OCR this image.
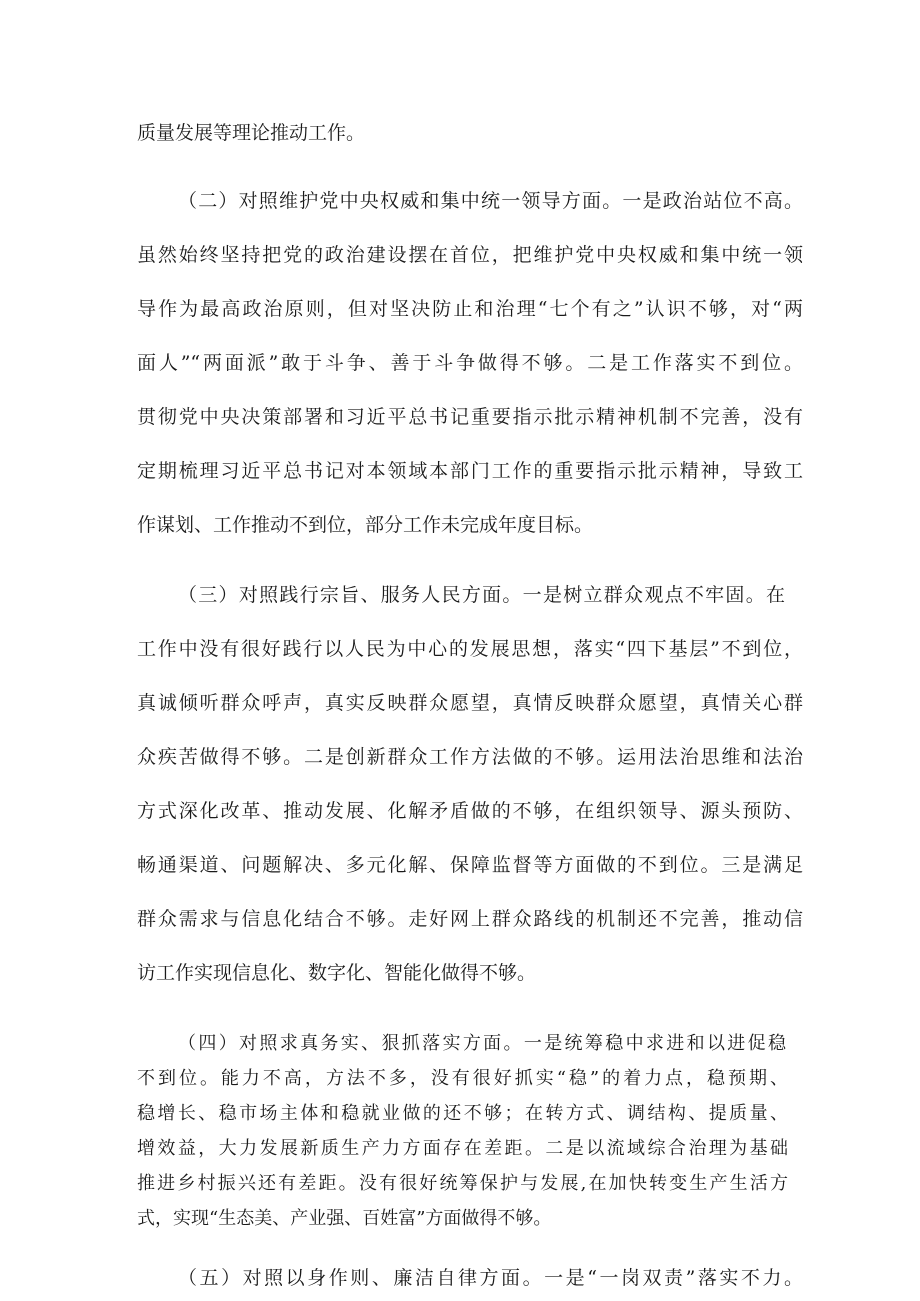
质量发展等理论推动工作。
（二）对照维护党中央权威和集中统一领导方面。一是政治站位不高。
虽然始终坚持把党的政治建设摆在首位，把维护党中央权威和集中统一领
导作为最高政治原则，但对坚决防止和治理“七个有之”认识不够，对“两
面人”“两面派”敢于斗争、善于斗争做得不够。二是工作落实不到位。
贯彻党中央决策部署和习近平总书记重要指示批示精神机制不完善，没有
定期梳理习近平总书记对本领域本部门工作的重要指示批示精神，导致工
作谋划、工作推动不到位，部分工作未完成年度目标。
（三）对照践行宗旨、服务人民方面。一是树立群众观点不牢固。在
工作中没有很好践行以人民为中心的发展思想，落实“四下基层”不到位，
真诚倾听群众呼声，真实反映群众愿望，真情反映群众愿望，真情关心群
众疾苦做得不够。二是创新群众工作方法做的不够。运用法治思维和法治
方式深化改革、推动发展、化解矛盾做的不够，在组织领导、源头预防、
畅通渠道、问题解决、多元化解、保障监督等方面做的不到位。三是满足
群众需求与信息化结合不够。走好网上群众路线的机制还不完善，推动信
访工作实现信息化、数字化、智能化做得不够。
（四）对照求真务实、狠抓落实方面。一是统筹稳中求进和以进促稳
不到位。能力不高，方法不多，没有很好抓实“稳”的着力点，稳预期、
稳增长、稳市场主体和稳就业做的还不够；在转方式、调结构、提质量、
增效益，大力发展新质生产力方面存在差距。二是以流域综合治理为基础
推进乡村振兴还有差距。没有很好统筹保护与发展,在加快转变生产生活方
式，实现“生态美、产业强、百姓富”方面做得不够。
（五）对照以身作则、廉洁自律方面。一是“一岗双责”落实不力。
